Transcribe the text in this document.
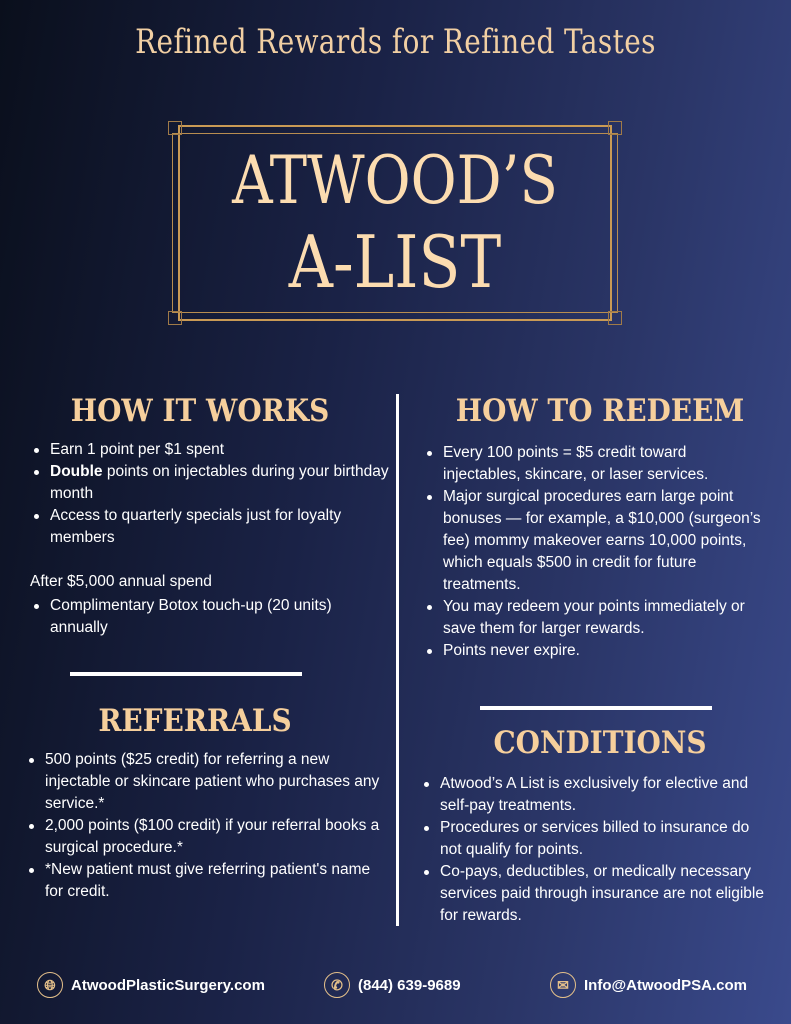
Refined Rewards for Refined Tastes
ATWOOD’S
A-LIST
HOW IT WORKS
Earn 1 point per $1 spent
Double points on injectables during your birthday month
Access to quarterly specials just for loyalty members
After $5,000 annual spend
Complimentary Botox touch-up (20 units) annually
REFERRALS
500 points ($25 credit) for referring a new injectable or skincare patient who purchases any service.*
2,000 points ($100 credit) if your referral books a surgical procedure.*
*New patient must give referring patient's name for credit.
HOW TO REDEEM
Every 100 points = $5 credit toward injectables, skincare, or laser services.
Major surgical procedures earn large point bonuses — for example, a $10,000 (surgeon’s fee) mommy makeover earns 10,000 points, which equals $500 in credit for future treatments.
You may redeem your points immediately or save them for larger rewards.
Points never expire.
CONDITIONS
Atwood’s A List is exclusively for elective and self-pay treatments.
Procedures or services billed to insurance do not qualify for points.
Co-pays, deductibles, or medically necessary services paid through insurance are not eligible for rewards.
🌐︎	AtwoodPlasticSurgery.com	✆	(844) 639-9689	✉	Info@AtwoodPSA.com
